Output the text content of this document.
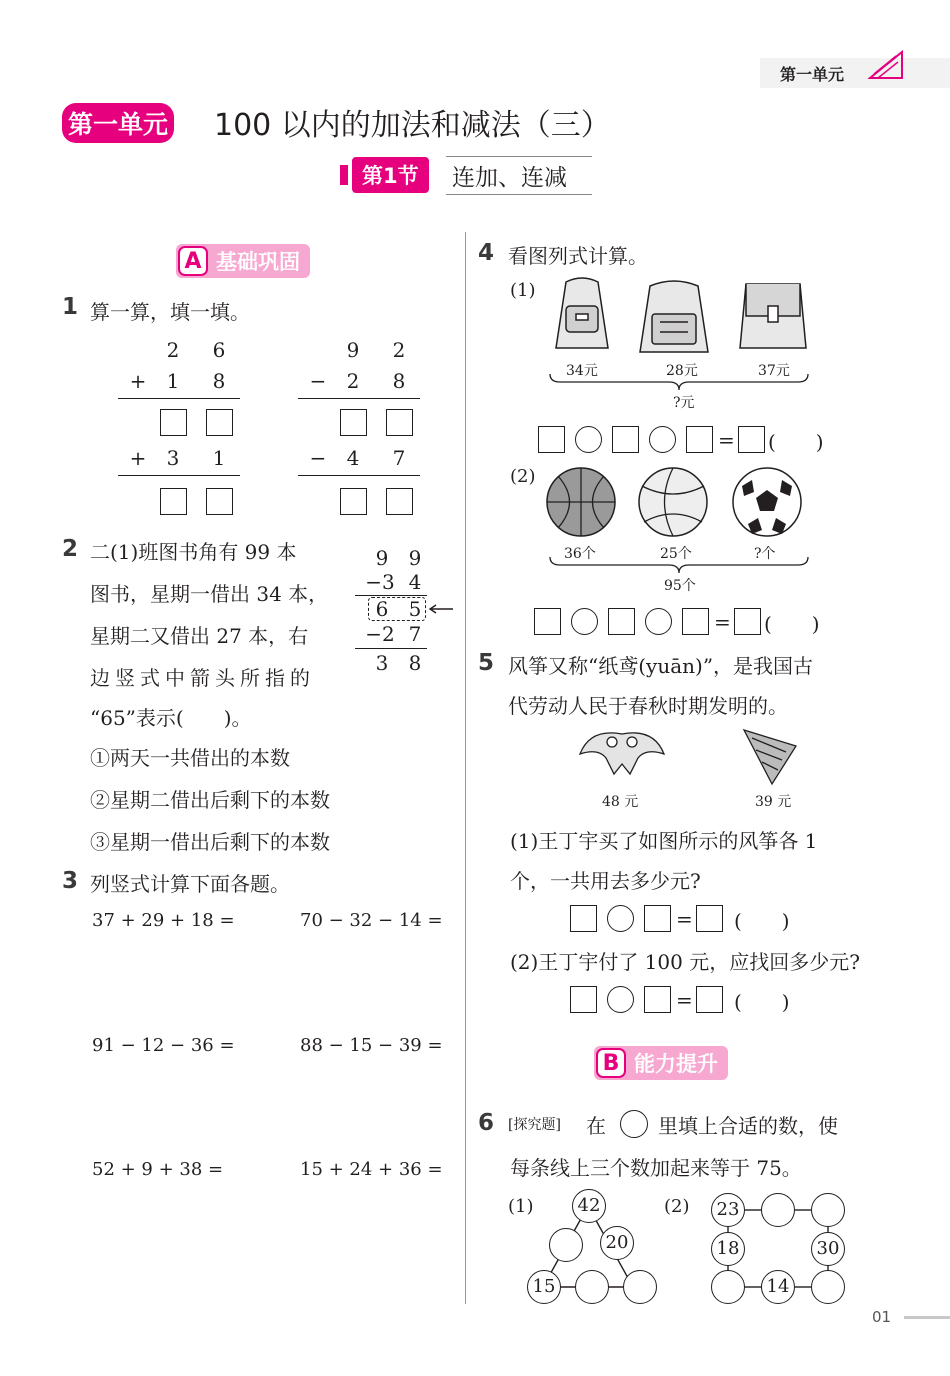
第一单元
第一单元 100 以内的加法和减法（三）
第1节	连加、连减
A 基础巩固
1 算一算，填一填。
2 6
+ 1 8
+ 3 1
9 2
− 2 8
− 4 7
2 二(1)班图书角有 99 本
图书，星期一借出 34 本，
星期二又借出 27 本，右
边竖式中箭头所指的
“65”表示(　　)。
①两天一共借出的本数
②星期二借出后剩下的本数
③星期一借出后剩下的本数
9 9
−3 4
6 5
−2 7
3 8
3 列竖式计算下面各题。
37 + 29 + 18 =	70 − 32 − 14 =
91 − 12 − 36 =	88 − 15 − 39 =
52 + 9 + 38 =	15 + 24 + 36 =
4 看图列式计算。
(1)
34元	28元	37元
?元
= (　　)
(2)
36个	25个	?个
95个
= (　　)
5 风筝又称“纸鸢(yuān)”，是我国古
代劳动人民于春秋时期发明的。
48 元	39 元
(1)王丁宇买了如图所示的风筝各 1
个，一共用去多少元?
= (　　)
(2)王丁宇付了 100 元，应找回多少元?
= (　　)
B 能力提升
6 [探究题] 在	里填上合适的数，使
每条线上三个数加起来等于 75。
(1)	42
20
15
(2)	23
18	30
14
01
